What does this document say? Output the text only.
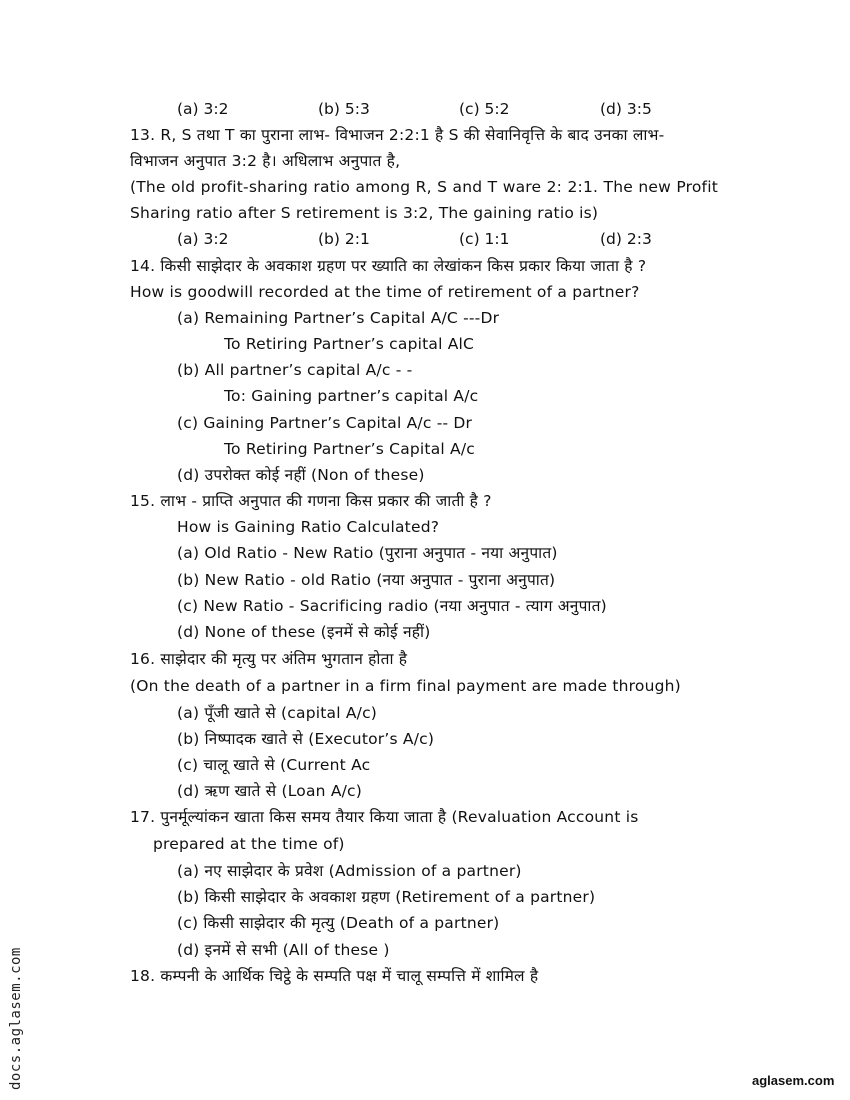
(a) 3:2	(b) 5:3	(c) 5:2	(d) 3:5
13. R, S तथा T का पुराना लाभ- विभाजन 2:2:1 है S की सेवानिवृत्ति के बाद उनका लाभ-
विभाजन अनुपात 3:2 है। अधिलाभ अनुपात है,
(The old profit-sharing ratio among R, S and T ware 2: 2:1. The new Profit
Sharing ratio after S retirement is 3:2, The gaining ratio is)
(a) 3:2	(b) 2:1	(c) 1:1	(d) 2:3
14. किसी साझेदार के अवकाश ग्रहण पर ख्याति का लेखांकन किस प्रकार किया जाता है ?
How is goodwill recorded at the time of retirement of a partner?
(a) Remaining Partner’s Capital A/C ---Dr
To Retiring Partner’s capital AlC
(b) All partner’s capital A/c - -
To: Gaining partner’s capital A/c
(c) Gaining Partner’s Capital A/c -- Dr
To Retiring Partner’s Capital A/c
(d) उपरोक्त कोई नहीं (Non of these)
15. लाभ - प्राप्ति अनुपात की गणना किस प्रकार की जाती है ?
How is Gaining Ratio Calculated?
(a) Old Ratio - New Ratio (पुराना अनुपात - नया अनुपात)
(b) New Ratio - old Ratio (नया अनुपात - पुराना अनुपात)
(c) New Ratio - Sacrificing radio (नया अनुपात - त्याग अनुपात)
(d) None of these (इनमें से कोई नहीं)
16. साझेदार की मृत्यु पर अंतिम भुगतान होता है
(On the death of a partner in a firm final payment are made through)
(a) पूँजी खाते से (capital A/c)
(b) निष्पादक खाते से (Executor’s A/c)
(c) चालू खाते से (Current Ac
(d) ऋण खाते से (Loan A/c)
17. पुनर्मूल्यांकन खाता किस समय तैयार किया जाता है (Revaluation Account is
prepared at the time of)
(a) नए साझेदार के प्रवेश (Admission of a partner)
(b) किसी साझेदार के अवकाश ग्रहण (Retirement of a partner)
(c) किसी साझेदार की मृत्यु (Death of a partner)
(d) इनमें से सभी (All of these )
18. कम्पनी के आर्थिक चिट्ठे के सम्पति पक्ष में चालू सम्पत्ति में शामिल है
docs.aglasem.com	aglasem.com
